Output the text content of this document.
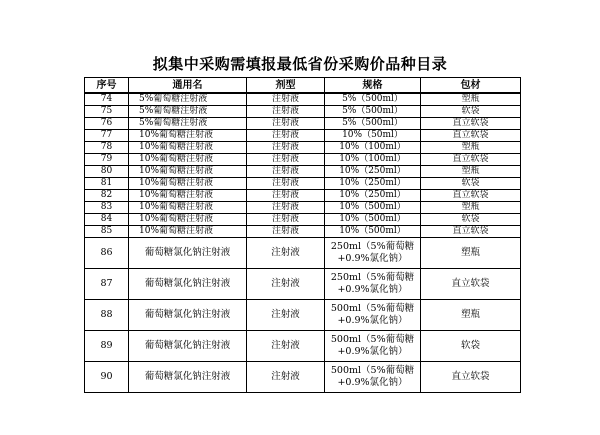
拟集中采购需填报最低省份采购价品种目录
序号	通用名	剂型	规格	包材
74	5%葡萄糖注射液	注射液	5%（500ml）	塑瓶
75	5%葡萄糖注射液	注射液	5%（500ml）	软袋
76	5%葡萄糖注射液	注射液	5%（500ml）	直立软袋
77	10%葡萄糖注射液	注射液	10%（50ml）	直立软袋
78	10%葡萄糖注射液	注射液	10%（100ml）	塑瓶
79	10%葡萄糖注射液	注射液	10%（100ml）	直立软袋
80	10%葡萄糖注射液	注射液	10%（250ml）	塑瓶
81	10%葡萄糖注射液	注射液	10%（250ml）	软袋
82	10%葡萄糖注射液	注射液	10%（250ml）	直立软袋
83	10%葡萄糖注射液	注射液	10%（500ml）	塑瓶
84	10%葡萄糖注射液	注射液	10%（500ml）	软袋
85	10%葡萄糖注射液	注射液	10%（500ml）	直立软袋
86	葡萄糖氯化钠注射液	注射液	250ml（5%葡萄糖
+0.9%氯化钠）	塑瓶
87	葡萄糖氯化钠注射液	注射液	250ml（5%葡萄糖
+0.9%氯化钠）	直立软袋
88	葡萄糖氯化钠注射液	注射液	500ml（5%葡萄糖
+0.9%氯化钠）	塑瓶
89	葡萄糖氯化钠注射液	注射液	500ml（5%葡萄糖
+0.9%氯化钠）	软袋
90	葡萄糖氯化钠注射液	注射液	500ml（5%葡萄糖
+0.9%氯化钠）	直立软袋
